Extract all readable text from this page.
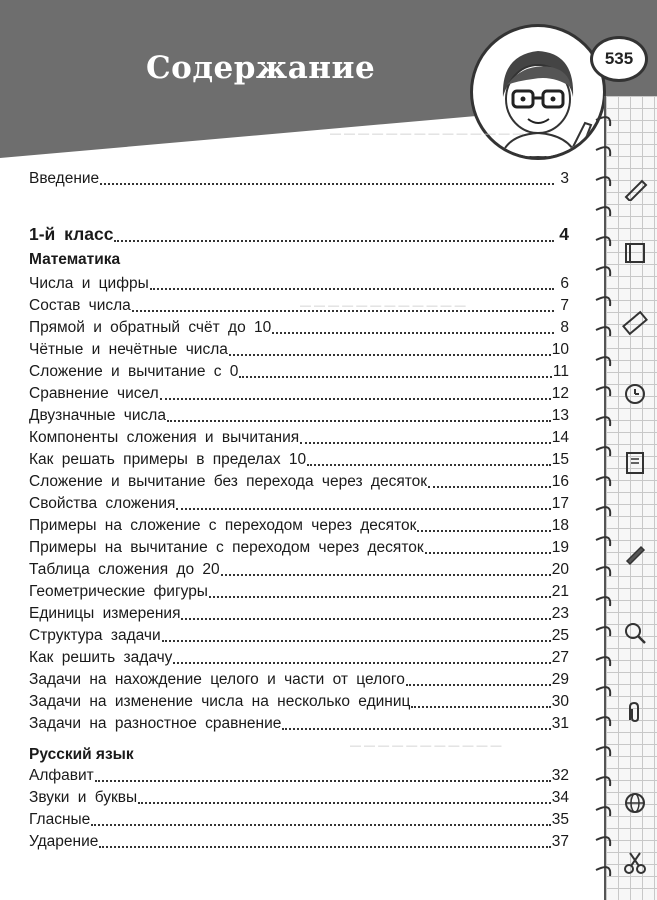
Содержание	535
— — — — — — — — — — — — — —
— — — — — — — — — — — —
— — — — — — — — — — —
Введение	3
1-й класс	4
Математика
Числа и цифры	6
Состав числа	7
Прямой и обратный счёт до 10	8
Чётные и нечётные числа	10
Сложение и вычитание с 0	11
Сравнение чисел	12
Двузначные числа	13
Компоненты сложения и вычитания	14
Как решать примеры в пределах 10	15
Сложение и вычитание без перехода через десяток	16
Свойства сложения	17
Примеры на сложение с переходом через десяток	18
Примеры на вычитание с переходом через десяток	19
Таблица сложения до 20	20
Геометрические фигуры	21
Единицы измерения	23
Структура задачи	25
Как решить задачу	27
Задачи на нахождение целого и части от целого	29
Задачи на изменение числа на несколько единиц	30
Задачи на разностное сравнение	31
Русский язык
Алфавит	32
Звуки и буквы	34
Гласные	35
Ударение	37
